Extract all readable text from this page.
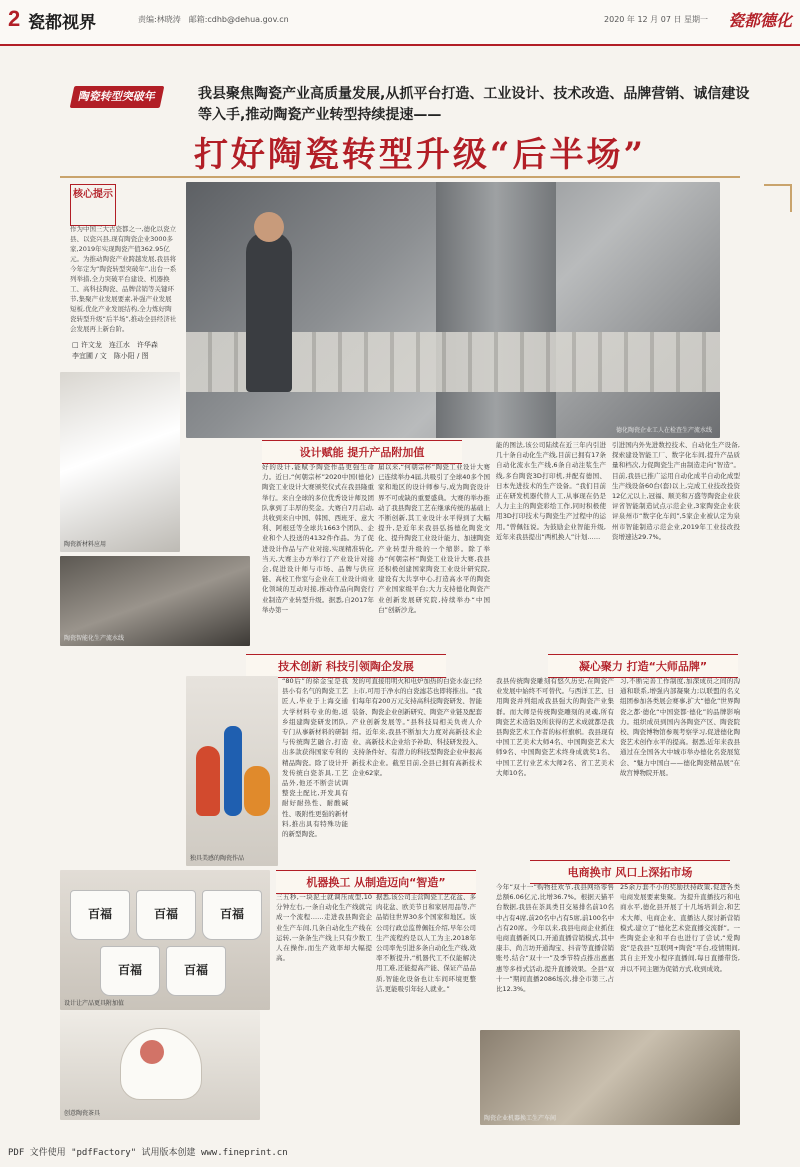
2 瓷都视界	责编:林晓涛　邮箱:cdhb@dehua.gov.cn	2020 年 12 月 07 日 星期一 瓷都德化
陶瓷转型突破年	我县聚焦陶瓷产业高质量发展,从抓平台打造、工业设计、技术改造、品牌营销、诚信建设等入手,推动陶瓷产业转型持续提速——
打好陶瓷转型升级“后半场”
核心提示
作为中国三大古瓷都之一,德化以瓷立县、以瓷兴县,现有陶瓷企业3000多家,2019年实现陶瓷产值362.95亿元。为推动陶瓷产业跨越发展,我县将今年定为“陶瓷转型突破年”,出台一系列举措,全力突破平台建设、机器换工、高科技陶瓷、品牌营销等关键环节,集聚产业发展要素,补强产业发展短板,优化产业发展结构,全力炼好陶瓷转型升级“后半场”,推动全县经济社会发展再上新台阶。
□ 许文龙　连江水　许华森
李宜圃 / 文　陈小阳 / 图
德化陶瓷企业工人在检查生产流水线
陶瓷新材料应用
陶瓷智能化生产流水线
设计赋能 提升产品附加值
好的设计,能赋予陶瓷作品更强生命力。近日,“何朝宗杯”2020中国(德化)陶瓷工业设计大赛颁奖仪式在我县隆重举行。来自全球的多位优秀设计师及团队拿到了丰厚的奖金。大赛自7月启动,共收到来自中国、韩国、西班牙、意大利、阿根廷等全球共1663个团队、企业和个人投送的4132件作品。为了促进设计作品与产业对接,实现精准转化,当天,大赛主办方举行了产业设计对接会,促进设计师与市场、品牌与供应链、高校工作室与企业在工业设计商业化领域的互动对接,推动作品向陶瓷行业制造产业转型升级。据悉,自2017年举办第一
届以来,“何朝宗杯”陶瓷工业设计大赛已连续举办4届,共吸引了全球40多个国家和地区的设计师参与,成为陶瓷设计界不可或缺的重要盛典。大赛的举办推动了我县陶瓷工艺在继承传统的基础上不断创新,其工业设计水平得到了大幅提升,是近年来我县弘扬德化陶瓷文化、提升陶瓷工业设计能力、加速陶瓷产业转型升级的一个缩影。除了举办“何朝宗杯”陶瓷工业设计大赛,我县还积极创建国家陶瓷工业设计研究院,建设有大共享中心,打造高水平的陶瓷产业国家级平台;大力支持德化陶瓷产业创新发展研究院,持续举办“中国白”创新沙龙。
能的图法,该公司陆续在近三年内引进几十条自动化生产线,目前已拥有17条自动化流水生产线,6条自动注浆生产线,多台陶瓷3D打印机,并配有德国、日本先进技术的生产设备。“我们目前正在研发机器代替人工,从事现在仍是人力主主的陶瓷彩绘工作,同时积极使用3D打印技术与陶瓷生产过程中的运用。”曾佩钰说。为鼓励企业智能升级,近年来我县提出“两机换人”计划……
引进国内外先进数控技术、自动化生产设备,探索建设智能工厂、数字化车间,提升产品质量和档次,力促陶瓷生产由制造走向“智造”。目前,我县已推广运用自动化成半自动化成型生产线设备60台(套)以上,完成工业技改投资12亿元以上,冠福、顺美和万盛等陶瓷企业获评省智能制造试点示范企业,3家陶瓷企业获评泉州市“数字化车间”,5家企业被认定为泉州市智能制造示范企业,2019年工业技改投资增速达29.7%。
技术创新 科技引领陶企发展
独具美感的陶瓷作品
“80后”的徐金宝是我县小有名气的陶瓷工艺匠人,毕业于上海交通大学材料专业的他,返乡组建陶瓷研发团队,专门从事新材料的研制与传统陶艺融合,打造出多款获得国家专利的精品陶瓷。除了设计开发传统白瓷茶具,工艺品外,他还不断尝试调整瓷土配比,开发具有耐好耐热性、耐酸碱性、吸附性更强的新材料,推出具有特殊功能的新型陶瓷。
发的可直接用明火和电炉加热的白瓷水壶已经上市,可用于净水的白瓷滤芯也即将推出。“我们每年有200万元支持高科技陶瓷研发、智能装备、陶瓷企业创新研究、陶瓷产业链及配套产业创新发展等。”县科技局相关负责人介绍。近年来,我县不断加大力度对高新技术企业、高新技术企业给予补助、科技研发投入、支持条件好、有潜力的科技型陶瓷企业申报高新技术企业。截至目前,全县已拥有高新技术企业62家。
凝心聚力 打造“大师品牌”
我县传统陶瓷雕刻有悠久历史,在陶瓷产业发展中始终不可替代。与西洋工艺、日用陶瓷并列组成我县强大的陶瓷产业集群。而大师是传统陶瓷雕刻的灵魂,所有陶瓷艺术造诣及所获得的艺术成就都是我县陶瓷艺术工作者的标杆旗帜。我县现有中国工艺美术大师4名、中国陶瓷艺术大师9名、中国陶瓷艺术终身成就奖1名、中国工艺行业艺术大师2名、省工艺美术大师10名。
习,不断完善工作制度,加深成员之间的沟通和联系,增强内部凝聚力;以联盟的名义组团参加各类展会赛事,扩大“德化”世界陶瓷之都·德化“中国瓷都·德化”的品牌影响力。组织成员到国内各陶瓷产区、陶瓷院校、陶瓷博物馆参观考察学习,促进德化陶瓷艺术创作水平的提高。据悉,近年来我县通过在全国各大中城市举办德化名瓷展览会、“魅力中国白——德化陶瓷精品展”在故宫博物院开展。
电商换市 风口上深拓市场
今年“双十一”购物狂欢节,我县网络零售总额6.06亿元,比增36.7%。根据天猫平台数据,我县在茶具类目交易排名前10名中占有4席,前20名中占有5席,前100名中占有20席。今年以来,我县电商企业抓住电商直播新风口,开通直播营销模式,其中康丰、尚言坊开通淘宝、抖音等直播营销账号,结合“双十一”及季节特点推出惠惠惠等多样式活动,提升直播效果。全县“双十一”期间直播2086场次,排全市第三,占比12.3%。
25余万套不小的奖励扶持政策,促进各类电商发展要素集聚。为提升直播技巧和电商水平,德化县开展了十几场培训会,和艺术大师、电商企业、直播达人探讨新营销模式,建立了“德化艺术瓷直播交流群”。一些陶瓷企业和平台也进行了尝试,“爱陶瓷”是我县“互联网+陶瓷”平台,疫情期间,其自主开发小程序直播间,每日直播带货,并以不同主题为促销方式,收到成效。
百福	百福	百福
百福	百福
设计让产品更具附加值
机器换工 从制造迈向“智造”
三五秒,一块泥土就调压成型,10分钟左右,一条自动化生产线就完成一个流程……走进我县陶瓷企业生产车间,几条自动化生产线在运转,一条条生产线上只有少数工人在操作,而生产效率却大幅提高。
据悉,该公司主营陶瓷工艺花盆、多肉花盆、欧美节日和家居用品等,产品销往世界30多个国家和地区。该公司行政总监曾佩钰介绍,早年公司生产流程约是以人工为主,2018年公司率先引进多条自动化生产线,效率不断提升,“机器代工不仅能解决用工难,还能提高产能、保证产品品质,智能化设备也让车间环境更整洁,更能吸引年轻人就业。”
创意陶瓷茶具
陶瓷企业机器换工生产车间
PDF 文件使用 "pdfFactory" 试用版本创建 www.fineprint.cn
